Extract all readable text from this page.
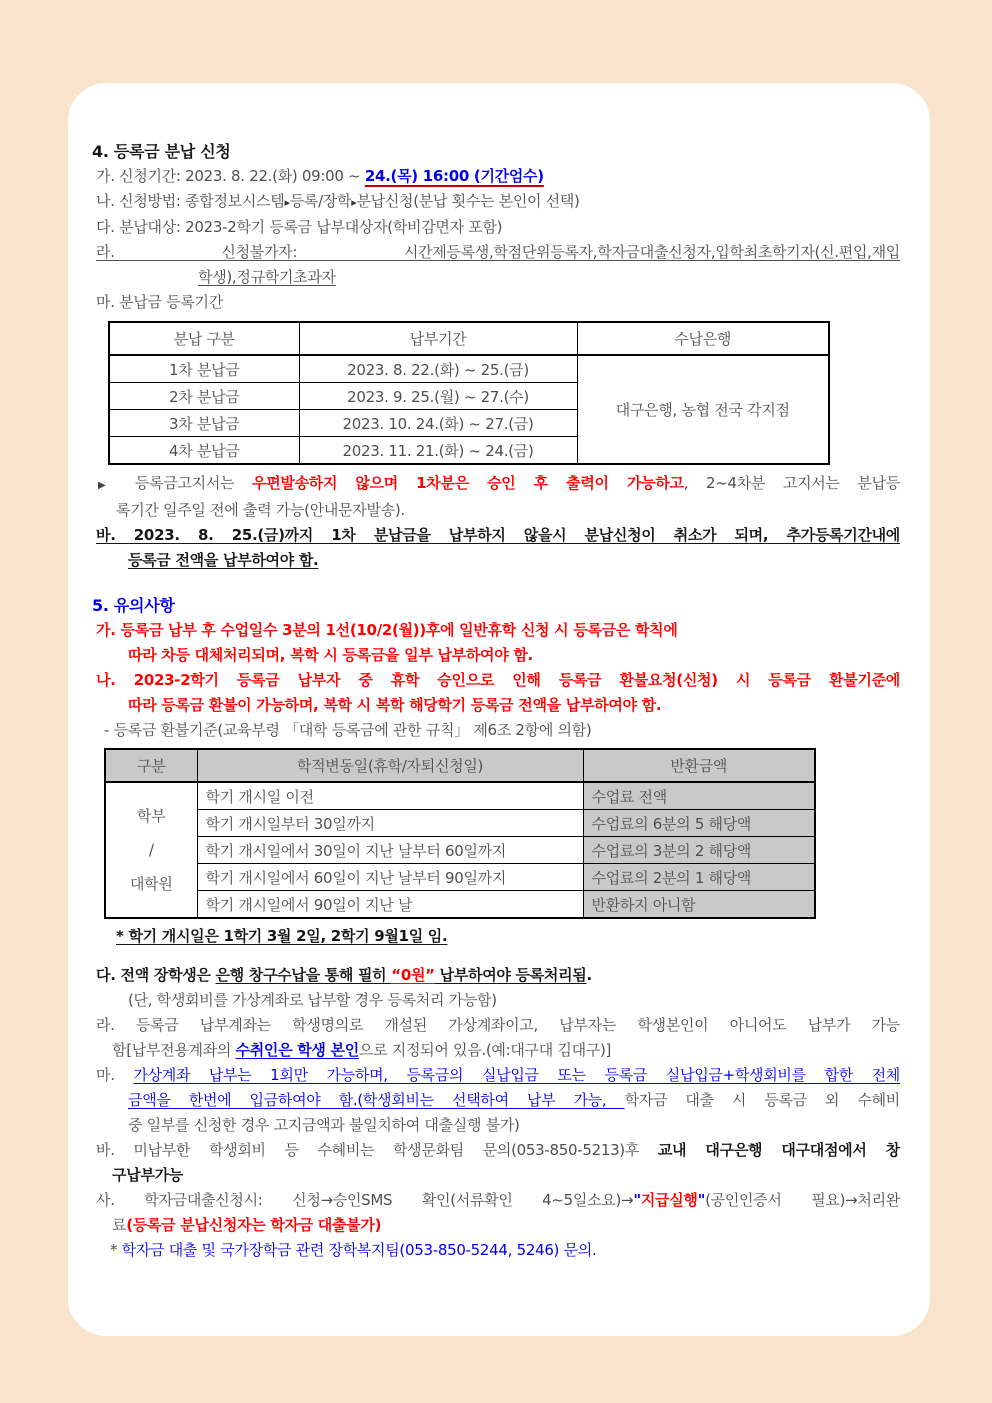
4. 등록금 분납 신청
가. 신청기간: 2023. 8. 22.(화) 09:00 ~ 24.(목) 16:00 (기간엄수)
나. 신청방법: 종합정보시스템▸등록/장학▸분납신청(분납 횟수는 본인이 선택)
다. 분납대상: 2023-2학기 등록금 납부대상자(학비감면자 포함)
라. 신청불가자: 시간제등록생,학점단위등록자,학자금대출신청자,입학최초학기자(신.편입,재입
학생),정규학기초과자
마. 분납금 등록기간
분납 구분	납부기간	수납은행
1차 분납금	2023. 8. 22.(화) ~ 25.(금)	대구은행, 농협 전국 각지점
2차 분납금	2023. 9. 25.(월) ~ 27.(수)	
3차 분납금	2023. 10. 24.(화) ~ 27.(금)	
4차 분납금	2023. 11. 21.(화) ~ 24.(금)	
▶ 등록금고지서는 우편발송하지 않으며 1차분은 승인 후 출력이 가능하고, 2~4차분 고지서는 분납등
록기간 일주일 전에 출력 가능(안내문자발송).
바. 2023. 8. 25.(금)까지 1차 분납금을 납부하지 않을시 분납신청이 취소가 되며, 추가등록기간내에
등록금 전액을 납부하여야 함.
5. 유의사항
가. 등록금 납부 후 수업일수 3분의 1선(10/2(월))후에 일반휴학 신청 시 등록금은 학칙에
따라 차등 대체처리되며, 복학 시 등록금을 일부 납부하여야 함.
나. 2023-2학기 등록금 납부자 중 휴학 승인으로 인해 등록금 환불요청(신청) 시 등록금 환불기준에
따라 등록금 환불이 가능하며, 복학 시 복학 해당학기 등록금 전액을 납부하여야 함.
- 등록금 환불기준(교육부령 「대학 등록금에 관한 규칙」 제6조 2항에 의함)
구분	학적변동일(휴학/자퇴신청일)	반환금액

학부
/
대학원	학기 개시일 이전	수업료 전액
	학기 개시일부터 30일까지	수업료의 6분의 5 해당액
	학기 개시일에서 30일이 지난 날부터 60일까지	수업료의 3분의 2 해당액
	학기 개시일에서 60일이 지난 날부터 90일까지	수업료의 2분의 1 해당액
	학기 개시일에서 90일이 지난 날	반환하지 아니함
* 학기 개시일은 1학기 3월 2일, 2학기 9월1일 임.
다. 전액 장학생은 은행 창구수납을 통해 필히 “0원” 납부하여야 등록처리됨.
(단, 학생회비를 가상계좌로 납부할 경우 등록처리 가능함)
라. 등록금 납부계좌는 학생명의로 개설된 가상계좌이고, 납부자는 학생본인이 아니어도 납부가 가능
함[납부전용계좌의 수취인은 학생 본인으로 지정되어 있음.(예:대구대 김대구)]
마. 가상계좌 납부는 1회만 가능하며, 등록금의 실납입금 또는 등록금 실납입금+학생회비를 합한 전체
금액을 한번에 입금하여야 함.(학생회비는 선택하여 납부 가능, 학자금 대출 시 등록금 외 수혜비
중 일부를 신청한 경우 고지금액과 불일치하여 대출실행 불가)
바. 미납부한 학생회비 등 수혜비는 학생문화팀 문의(053-850-5213)후 교내 대구은행 대구대점에서 창
구납부가능
사. 학자금대출신청시: 신청→승인SMS 확인(서류확인 4~5일소요)→"지급실행"(공인인증서 필요)→처리완
료(등록금 분납신청자는 학자금 대출불가)
* 학자금 대출 및 국가장학금 관련 장학복지팀(053-850-5244, 5246) 문의.
